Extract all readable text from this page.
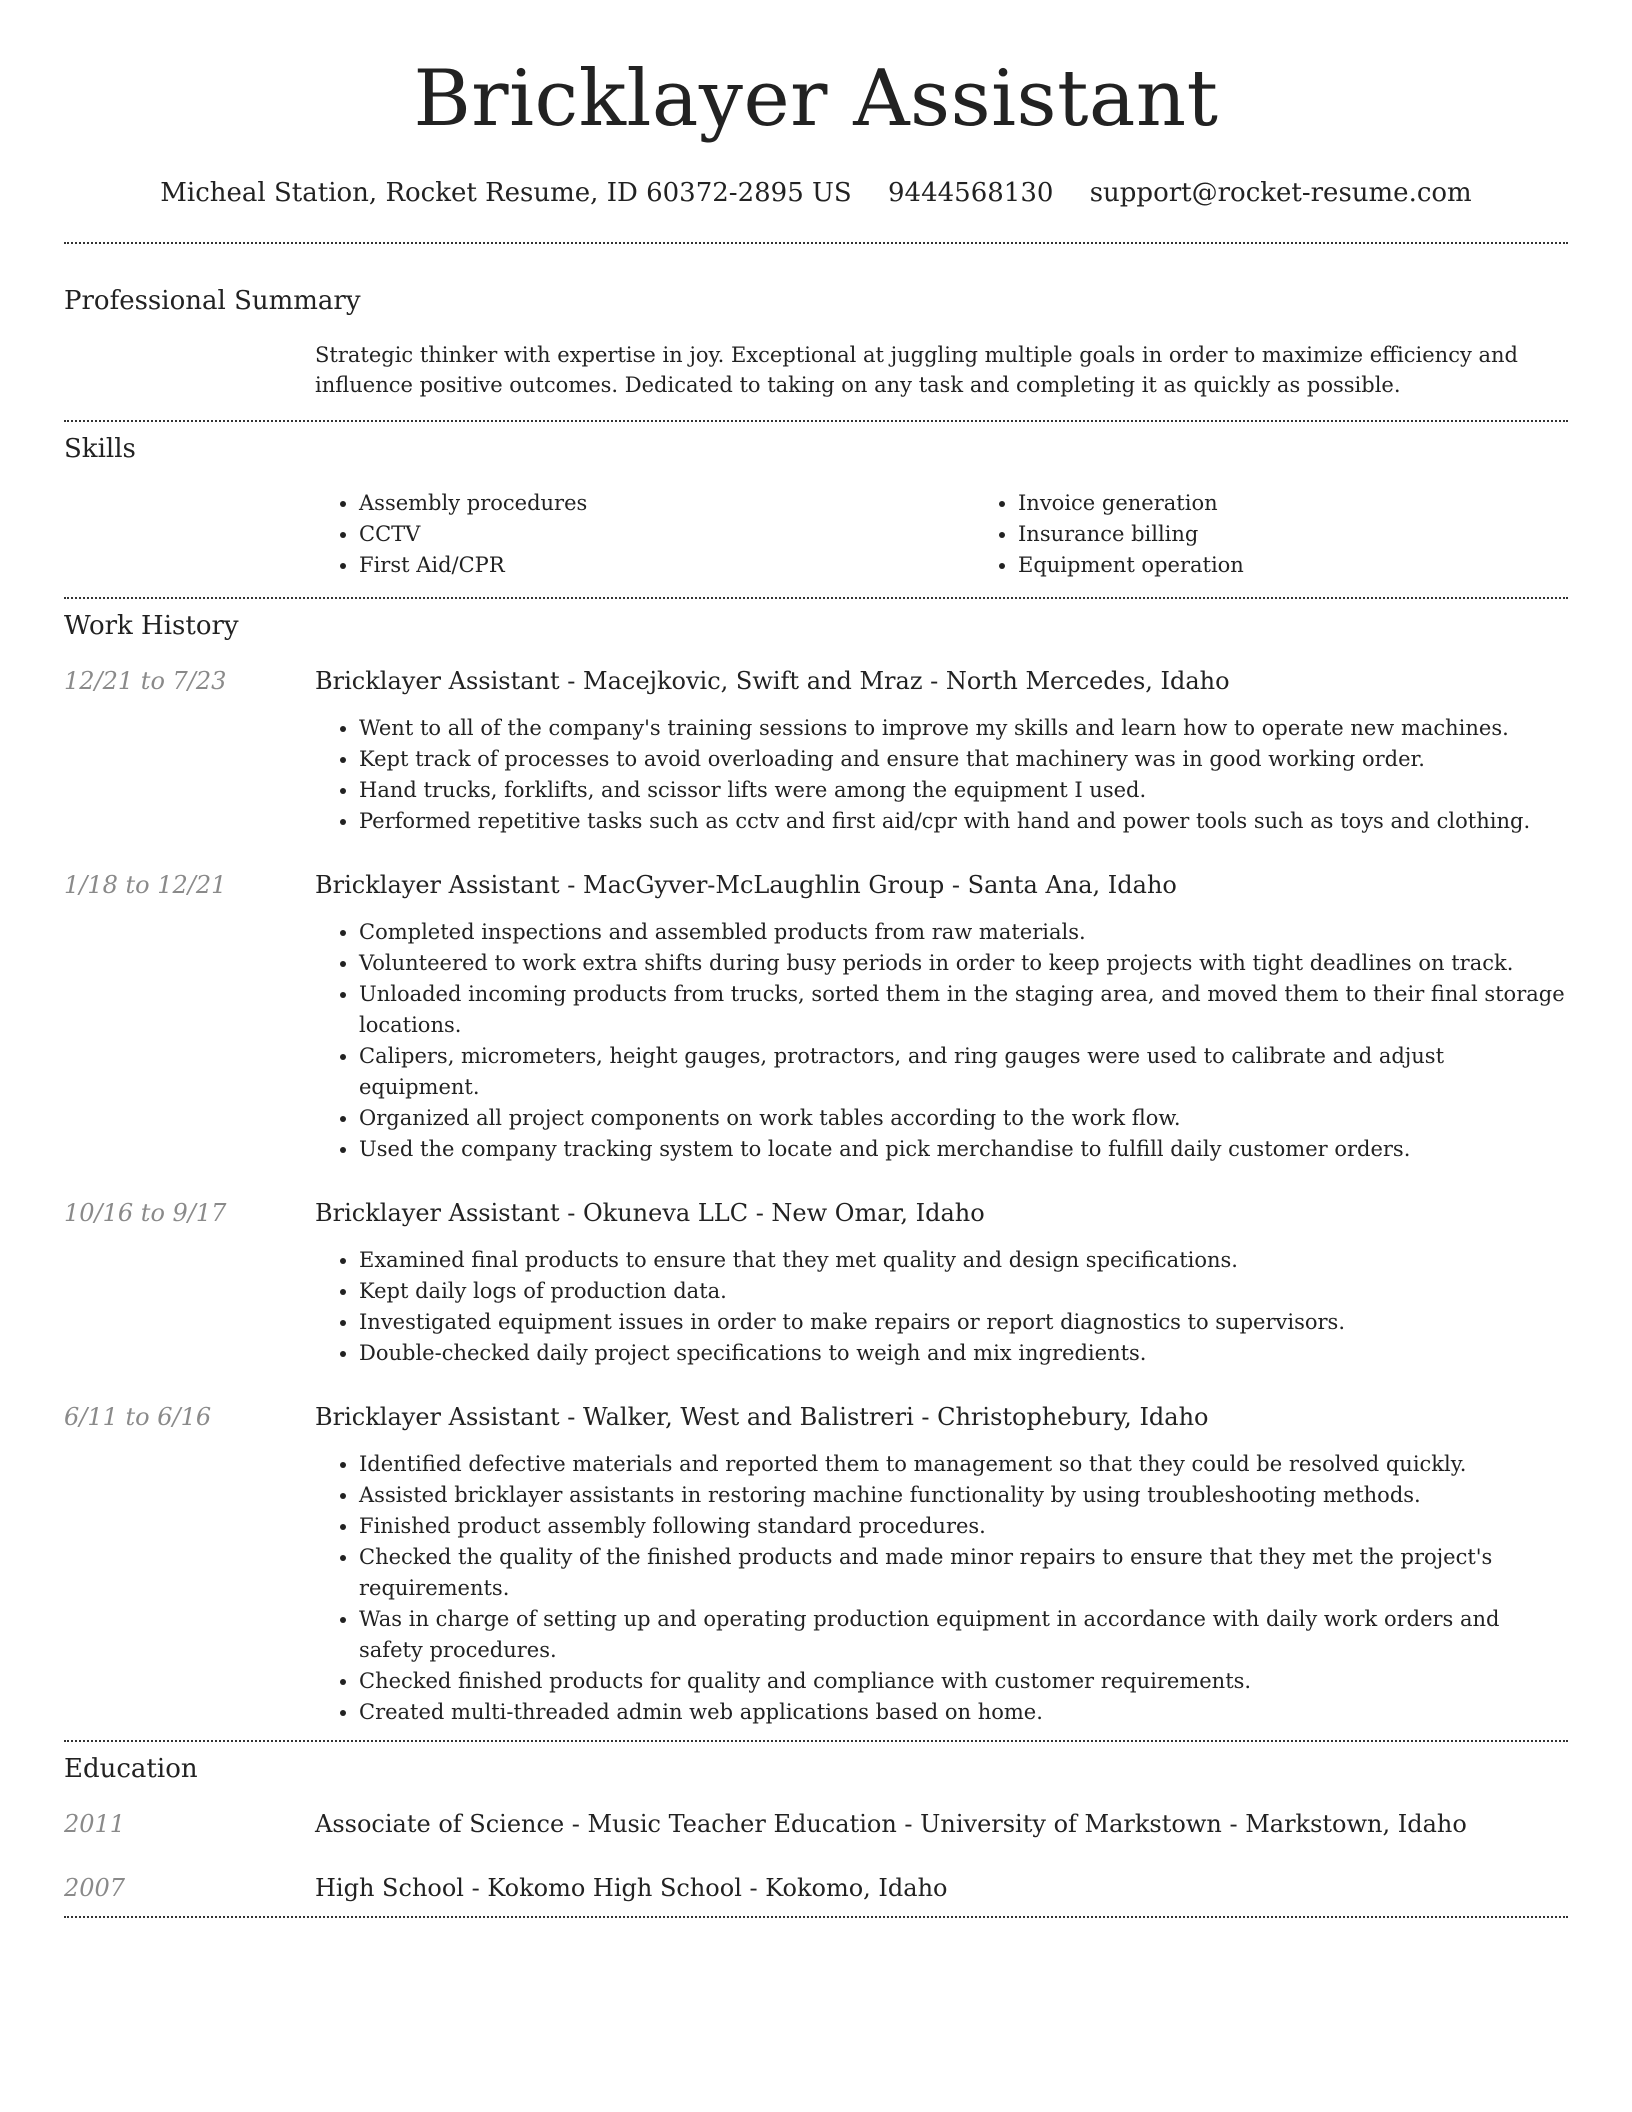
Bricklayer Assistant
Micheal Station, Rocket Resume, ID 60372-2895 US 9444568130 support@rocket-resume.com
Professional Summary
Strategic thinker with expertise in joy. Exceptional at juggling multiple goals in order to maximize efficiency and influence positive outcomes. Dedicated to taking on any task and completing it as quickly as possible.
Skills
• Assembly procedures
• CCTV
• First Aid/CPR
• Invoice generation
• Insurance billing
• Equipment operation
Work History
12/21 to 7/23	Bricklayer Assistant - Macejkovic, Swift and Mraz - North Mercedes, Idaho
• Went to all of the company's training sessions to improve my skills and learn how to operate new machines.
• Kept track of processes to avoid overloading and ensure that machinery was in good working order.
• Hand trucks, forklifts, and scissor lifts were among the equipment I used.
• Performed repetitive tasks such as cctv and first aid/cpr with hand and power tools such as toys and clothing.
1/18 to 12/21	Bricklayer Assistant - MacGyver-McLaughlin Group - Santa Ana, Idaho
• Completed inspections and assembled products from raw materials.
• Volunteered to work extra shifts during busy periods in order to keep projects with tight deadlines on track.
• Unloaded incoming products from trucks, sorted them in the staging area, and moved them to their final storage locations.
• Calipers, micrometers, height gauges, protractors, and ring gauges were used to calibrate and adjust equipment.
• Organized all project components on work tables according to the work flow.
• Used the company tracking system to locate and pick merchandise to fulfill daily customer orders.
10/16 to 9/17	Bricklayer Assistant - Okuneva LLC - New Omar, Idaho
• Examined final products to ensure that they met quality and design specifications.
• Kept daily logs of production data.
• Investigated equipment issues in order to make repairs or report diagnostics to supervisors.
• Double-checked daily project specifications to weigh and mix ingredients.
6/11 to 6/16	Bricklayer Assistant - Walker, West and Balistreri - Christophebury, Idaho
• Identified defective materials and reported them to management so that they could be resolved quickly.
• Assisted bricklayer assistants in restoring machine functionality by using troubleshooting methods.
• Finished product assembly following standard procedures.
• Checked the quality of the finished products and made minor repairs to ensure that they met the project's requirements.
• Was in charge of setting up and operating production equipment in accordance with daily work orders and safety procedures.
• Checked finished products for quality and compliance with customer requirements.
• Created multi-threaded admin web applications based on home.
Education
2011	Associate of Science - Music Teacher Education - University of Markstown - Markstown, Idaho
2007	High School - Kokomo High School - Kokomo, Idaho
